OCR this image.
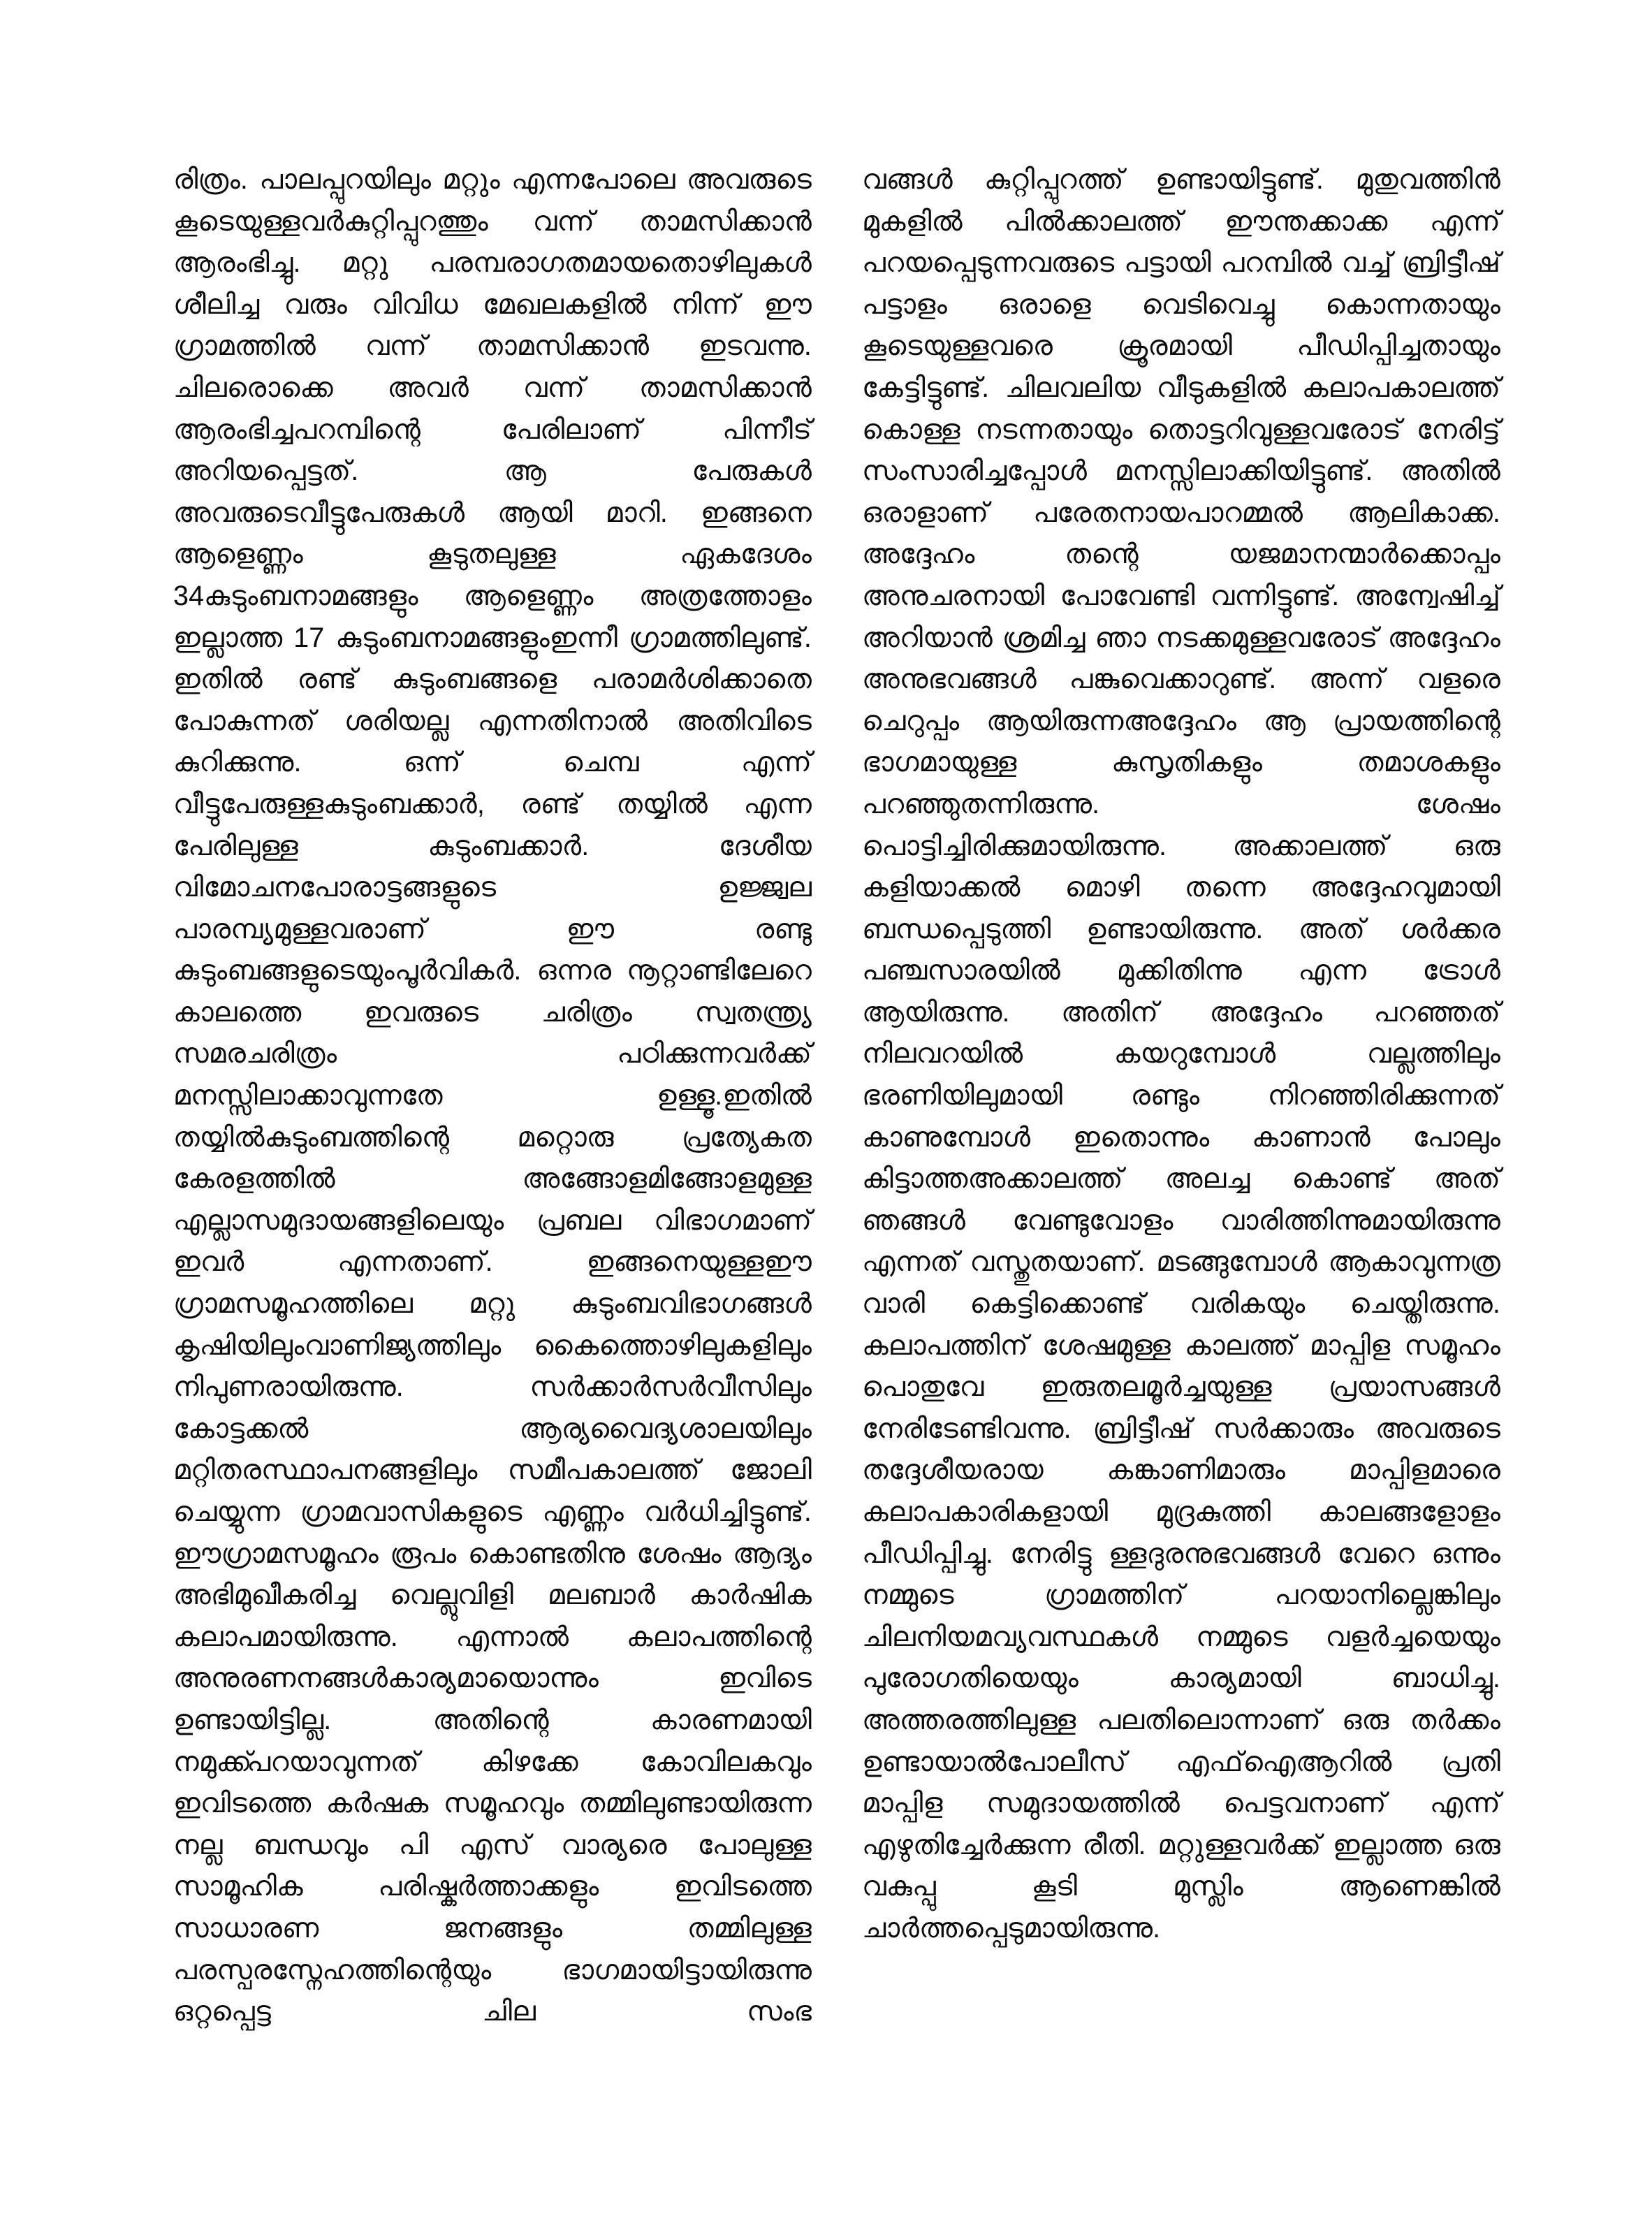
രിത്രം. പാലപ്പുറയിലും മറ്റും എന്നപോലെ അവരുടെ കൂടെയുള്ളവർകുറ്റിപ്പുറത്തും വന്ന് താമസിക്കാൻ ആരംഭിച്ചു. മറ്റു പരമ്പരാഗതമായതൊഴിലുകൾ ശീലിച്ച വരും വിവിധ മേഖലകളിൽ നിന്ന് ഈ ഗ്രാമത്തിൽ വന്ന് താമസിക്കാൻ ഇടവന്നു. ചിലരൊക്കെ അവർ വന്ന് താമസിക്കാൻ ആരംഭിച്ചപറമ്പിന്റെ പേരിലാണ് പിന്നീട് അറിയപ്പെട്ടത്. ആ പേരുകൾ അവരുടെവീട്ടുപേരുകൾ ആയി മാറി. ഇങ്ങനെ ആളെണ്ണം കൂടുതലുള്ള ഏകദേശം 34കുടുംബനാമങ്ങളും ആളെണ്ണം അത്രത്തോളം ഇല്ലാത്ത 17 കുടുംബനാമങ്ങളുംഇന്നീ ഗ്രാമത്തിലുണ്ട്. ഇതിൽ രണ്ട് കുടുംബങ്ങളെ പരാമർശിക്കാതെ പോകുന്നത് ശരിയല്ല എന്നതിനാൽ അതിവിടെ കുറിക്കുന്നു. ഒന്ന് ചെമ്പ എന്ന് വീട്ടുപേരുള്ളകുടുംബക്കാർ, രണ്ട് തയ്യിൽ എന്ന പേരിലുള്ള കുടുംബക്കാർ. ദേശീയ വിമോചനപോരാട്ടങ്ങളുടെ ഉജ്ജ്വല പാരമ്പ്യമുള്ളവരാണ് ഈ രണ്ടു കുടുംബങ്ങളുടെയുംപൂർവികർ. ഒന്നര നൂറ്റാണ്ടിലേറെ കാലത്തെ ഇവരുടെ ചരിത്രം സ്വതന്ത്ര്യ സമരചരിത്രം പഠിക്കുന്നവർക്ക് മനസ്സിലാക്കാവുന്നതേ ഉള്ളൂ.ഇതിൽ തയ്യിൽകുടുംബത്തിന്റെ മറ്റൊരു പ്രത്യേകത കേരളത്തിൽ അങ്ങോളമിങ്ങോളമുള്ള എല്ലാസമുദായങ്ങളിലെയും പ്രബല വിഭാഗമാണ് ഇവർ എന്നതാണ്. ഇങ്ങനെയുള്ളഈ ഗ്രാമസമൂഹത്തിലെ മറ്റു കുടുംബവിഭാഗങ്ങൾ കൃഷിയിലുംവാണിജ്യത്തിലും കൈത്തൊഴിലുകളിലും നിപുണരായിരുന്നു. സർക്കാർസർവീസിലും കോട്ടക്കൽ ആര്യവൈദ്യശാലയിലും മറ്റിതരസ്ഥാപനങ്ങളിലും സമീപകാലത്ത് ജോലി ചെയ്യുന്ന ഗ്രാമവാസികളുടെ എണ്ണം വർധിച്ചിട്ടുണ്ട്. ഈഗ്രാമസമൂഹം രൂപം കൊണ്ടതിനു ശേഷം ആദ്യം അഭിമുഖീകരിച്ച വെല്ലുവിളി മലബാർ കാർഷിക കലാപമായിരുന്നു. എന്നാൽ കലാപത്തിന്റെ അനുരണനങ്ങൾകാര്യമായൊന്നും ഇവിടെ ഉണ്ടായിട്ടില്ല. അതിന്റെ കാരണമായി നമുക്ക്പറയാവുന്നത് കിഴക്കേ കോവിലകവും ഇവിടത്തെ കർഷക സമൂഹവും തമ്മിലുണ്ടായിരുന്ന നല്ല ബന്ധവും പി എസ് വാര്യരെ പോലുള്ള സാമൂഹിക പരിഷ്കർത്താക്കളും ഇവിടത്തെ സാധാരണ ജനങ്ങളും തമ്മിലുള്ള പരസ്പരസ്നേഹത്തിന്റെയും ഭാഗമായിട്ടായിരുന്നു ഒറ്റപ്പെട്ട ചില സംഭ

വങ്ങൾ കുറ്റിപ്പുറത്ത് ഉണ്ടായിട്ടുണ്ട്. മുതുവത്തിൻ മുകളിൽ പിൽക്കാലത്ത് ഈന്തക്കാക്ക എന്ന് പറയപ്പെടുന്നവരുടെ പട്ടായി പറമ്പിൽ വച്ച് ബ്രിട്ടീഷ് പട്ടാളം ഒരാളെ വെടിവെച്ചു കൊന്നതായും കൂടെയുള്ളവരെ ക്രൂരമായി പീഡിപ്പിച്ചതായും കേട്ടിട്ടുണ്ട്. ചിലവലിയ വീടുകളിൽ കലാപകാലത്ത് കൊള്ള നടന്നതായും തൊട്ടറിവുള്ളവരോട് നേരിട്ട് സംസാരിച്ചപ്പോൾ മനസ്സിലാക്കിയിട്ടുണ്ട്. അതിൽ ഒരാളാണ് പരേതനായപാറമ്മൽ ആലികാക്ക. അദ്ദേഹം തന്റെ യജമാനന്മാർക്കൊപ്പം അനുചരനായി പോവേണ്ടി വന്നിട്ടുണ്ട്. അന്വേഷിച്ച് അറിയാൻ ശ്രമിച്ച ഞാ നടക്കമുള്ളവരോട് അദ്ദേഹം അനുഭവങ്ങൾ പങ്കുവെക്കാറുണ്ട്. അന്ന് വളരെ ചെറുപ്പം ആയിരുന്നഅദ്ദേഹം ആ പ്രായത്തിന്റെ ഭാഗമായുള്ള കുസൃതികളും തമാശകളും പറഞ്ഞുതന്നിരുന്നു. ശേഷം പൊട്ടിച്ചിരിക്കുമായിരുന്നു. അക്കാലത്ത് ഒരു കളിയാക്കൽ മൊഴി തന്നെ അദ്ദേഹവുമായി ബന്ധപ്പെടുത്തി ഉണ്ടായിരുന്നു. അത് ശർക്കര പഞ്ചസാരയിൽ മുക്കിതിന്നു എന്ന ട്രോൾ ആയിരുന്നു. അതിന് അദ്ദേഹം പറഞ്ഞത് നിലവറയിൽ കയറുമ്പോൾ വല്ലത്തിലും ഭരണിയിലുമായി രണ്ടും നിറഞ്ഞിരിക്കുന്നത് കാണുമ്പോൾ ഇതൊന്നും കാണാൻ പോലും കിട്ടാത്തഅക്കാലത്ത് അലച്ച കൊണ്ട് അത് ഞങ്ങൾ വേണ്ടുവോളം വാരിത്തിന്നുമായിരുന്നു എന്നത് വസ്തുതയാണ്. മടങ്ങുമ്പോൾ ആകാവുന്നത്ര വാരി കെട്ടിക്കൊണ്ട് വരികയും ചെയ്തിരുന്നു. കലാപത്തിന് ശേഷമുള്ള കാലത്ത് മാപ്പിള സമൂഹം പൊതുവേ ഇരുതലമൂർച്ചയുള്ള പ്രയാസങ്ങൾ നേരിടേണ്ടിവന്നു. ബ്രിട്ടീഷ് സർക്കാരും അവരുടെ തദ്ദേശീയരായ കങ്കാണിമാരും മാപ്പിളമാരെ കലാപകാരികളായി മുദ്രകുത്തി കാലങ്ങളോളം പീഡിപ്പിച്ചു. നേരിട്ടു ള്ളദുരനുഭവങ്ങൾ വേറെ ഒന്നും നമ്മുടെ ഗ്രാമത്തിന് പറയാനില്ലെങ്കിലും ചിലനിയമവ്യവസ്ഥകൾ നമ്മുടെ വളർച്ചയെയും പുരോഗതിയെയും കാര്യമായി ബാധിച്ചു. അത്തരത്തിലുള്ള പലതിലൊന്നാണ് ഒരു തർക്കം ഉണ്ടായാൽപോലീസ് എഫ്ഐആറിൽ പ്രതി മാപ്പിള സമുദായത്തിൽ പെട്ടവനാണ് എന്ന് എഴുതിച്ചേർക്കുന്ന രീതി. മറ്റുള്ളവർക്ക് ഇല്ലാത്ത ഒരു വകുപ്പു കൂടി മുസ്ലിം ആണെങ്കിൽ ചാർത്തപ്പെടുമായിരുന്നു.
